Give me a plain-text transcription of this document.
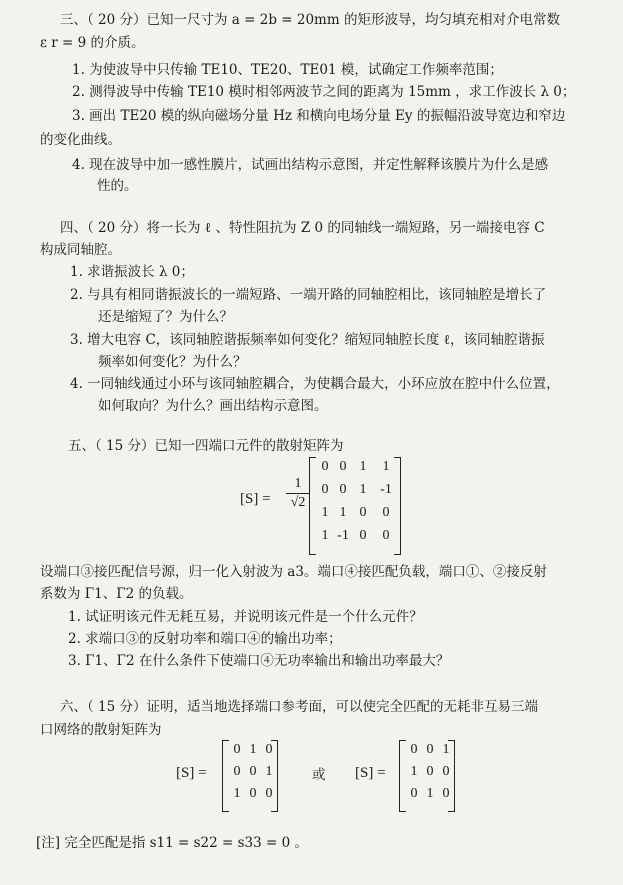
三、（ 20 分）已知一尺寸为 a = 2b = 20mm 的矩形波导，均匀填充相对介电常数
ε r = 9 的介质。
1. 为使波导中只传输 TE10、TE20、TE01 模，试确定工作频率范围；
2. 测得波导中传输 TE10 模时相邻两波节之间的距离为 15mm ，求工作波长 λ 0；
3. 画出 TE20 模的纵向磁场分量 Hz 和横向电场分量 Ey 的振幅沿波导宽边和窄边
的变化曲线。
4. 现在波导中加一感性膜片，试画出结构示意图，并定性解释该膜片为什么是感
性的。
四、（ 20 分）将一长为 ℓ 、特性阻抗为 Z 0 的同轴线一端短路，另一端接电容 C
构成同轴腔。
1. 求谐振波长 λ 0；
2. 与具有相同谐振波长的一端短路、一端开路的同轴腔相比，该同轴腔是增长了
还是缩短了？为什么？
3. 增大电容 C，该同轴腔谐振频率如何变化？缩短同轴腔长度 ℓ，该同轴腔谐振
频率如何变化？为什么？
4. 一同轴线通过小环与该同轴腔耦合，为使耦合最大，小环应放在腔中什么位置，
如何取向？为什么？画出结构示意图。
五、（ 15 分）已知一四端口元件的散射矩阵为
[S] =
1
√2
0 0 1	1
0 0 1 -1
1 1 0	0
1 -1 0	0
设端口③接匹配信号源，归一化入射波为 a3。端口④接匹配负载，端口①、②接反射
系数为 Γ1、Γ2 的负载。
1. 试证明该元件无耗互易，并说明该元件是一个什么元件？
2. 求端口③的反射功率和端口④的输出功率；
3. Γ1、Γ2 在什么条件下使端口④无功率输出和输出功率最大？
六、（ 15 分）证明，适当地选择端口参考面，可以使完全匹配的无耗非互易三端
口网络的散射矩阵为
[S] =
0 1 0
0 0 1
1 0 0
或 [S] =
0 0 1
1 0 0
0 1 0
[注] 完全匹配是指 s11 = s22 = s33 = 0 。
